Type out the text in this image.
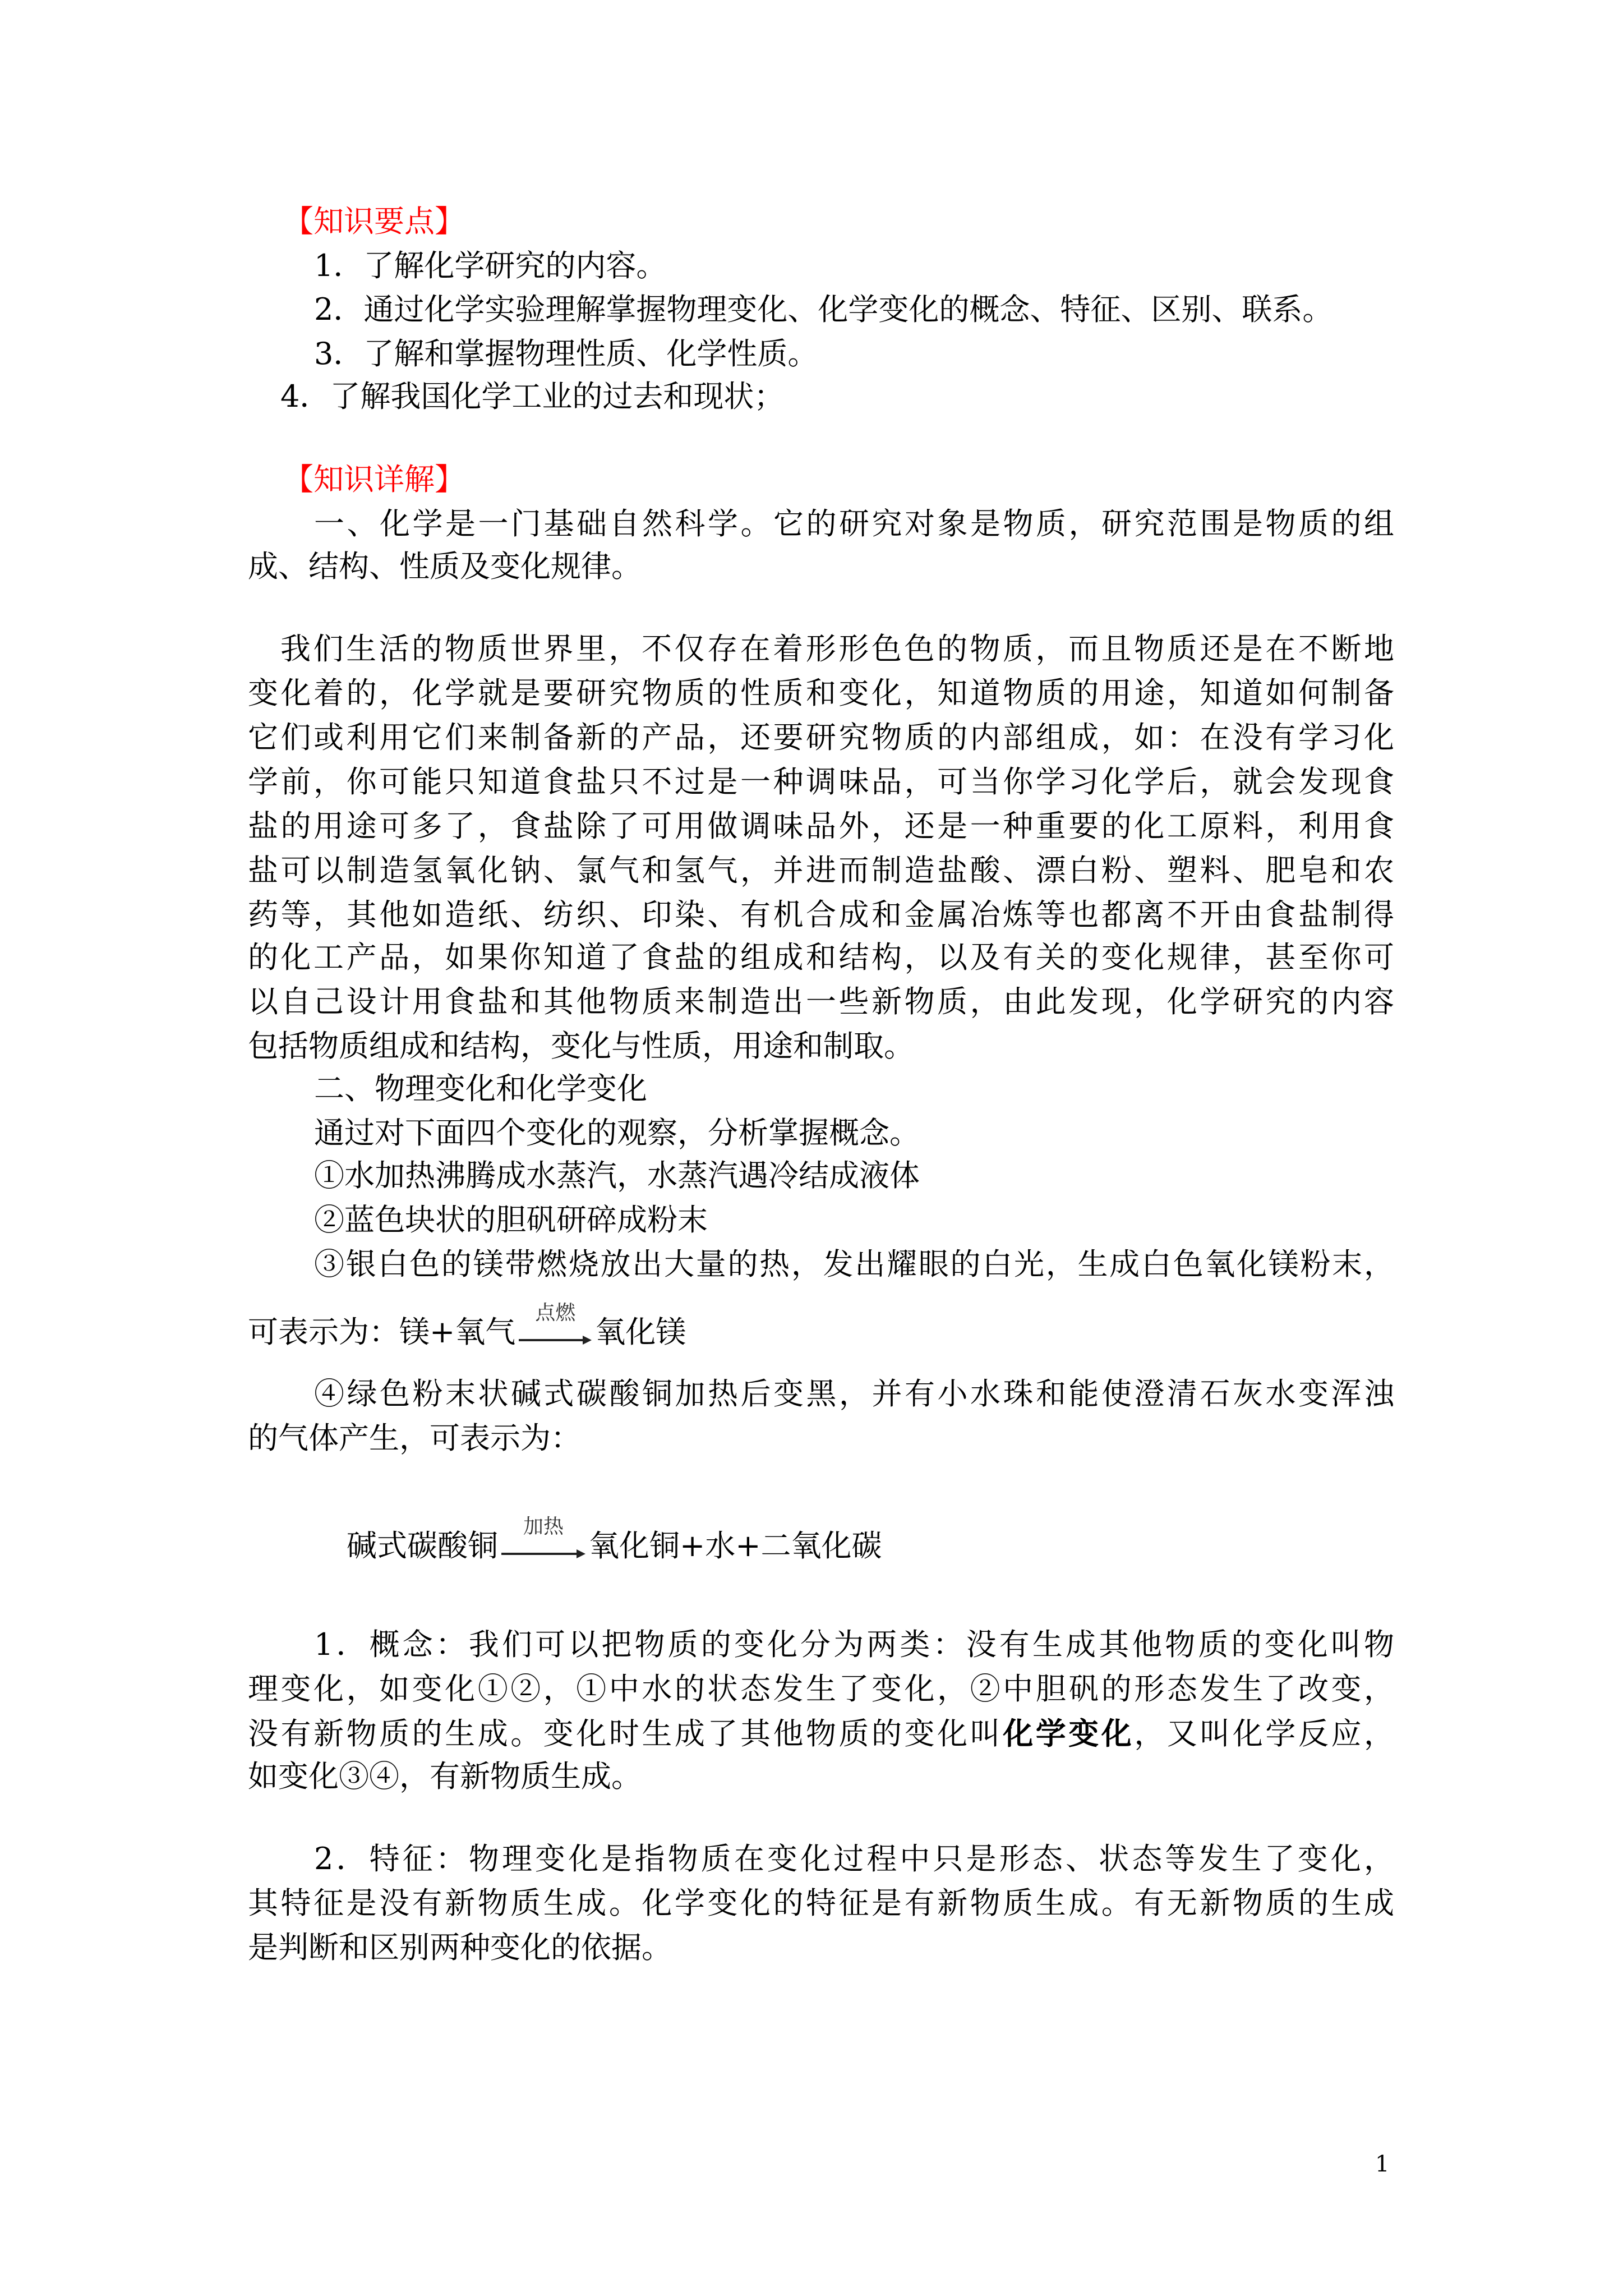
【知识要点】
1．了解化学研究的内容。
2．通过化学实验理解掌握物理变化、化学变化的概念、特征、区别、联系。
3．了解和掌握物理性质、化学性质。
4．了解我国化学工业的过去和现状；
【知识详解】
一、化学是一门基础自然科学。它的研究对象是物质，研究范围是物质的组
成、结构、性质及变化规律。
我们生活的物质世界里，不仅存在着形形色色的物质，而且物质还是在不断地
变化着的，化学就是要研究物质的性质和变化，知道物质的用途，知道如何制备
它们或利用它们来制备新的产品，还要研究物质的内部组成，如：在没有学习化
学前，你可能只知道食盐只不过是一种调味品，可当你学习化学后，就会发现食
盐的用途可多了，食盐除了可用做调味品外，还是一种重要的化工原料，利用食
盐可以制造氢氧化钠、氯气和氢气，并进而制造盐酸、漂白粉、塑料、肥皂和农
药等，其他如造纸、纺织、印染、有机合成和金属冶炼等也都离不开由食盐制得
的化工产品，如果你知道了食盐的组成和结构，以及有关的变化规律，甚至你可
以自己设计用食盐和其他物质来制造出一些新物质，由此发现，化学研究的内容
包括物质组成和结构，变化与性质，用途和制取。
二、物理变化和化学变化
通过对下面四个变化的观察，分析掌握概念。
①水加热沸腾成水蒸汽，水蒸汽遇冷结成液体
②蓝色块状的胆矾研碎成粉末
③银白色的镁带燃烧放出大量的热，发出耀眼的白光，生成白色氧化镁粉末，
可表示为：镁+氧气
点燃
氧化镁
④绿色粉末状碱式碳酸铜加热后变黑，并有小水珠和能使澄清石灰水变浑浊
的气体产生，可表示为：
碱式碳酸铜
加热
氧化铜+水+二氧化碳
1．概念：我们可以把物质的变化分为两类：没有生成其他物质的变化叫物
理变化，如变化①②，①中水的状态发生了变化，②中胆矾的形态发生了改变，
没有新物质的生成。变化时生成了其他物质的变化叫化学变化，又叫化学反应，
如变化③④，有新物质生成。
2．特征：物理变化是指物质在变化过程中只是形态、状态等发生了变化，
其特征是没有新物质生成。化学变化的特征是有新物质生成。有无新物质的生成
是判断和区别两种变化的依据。
1
